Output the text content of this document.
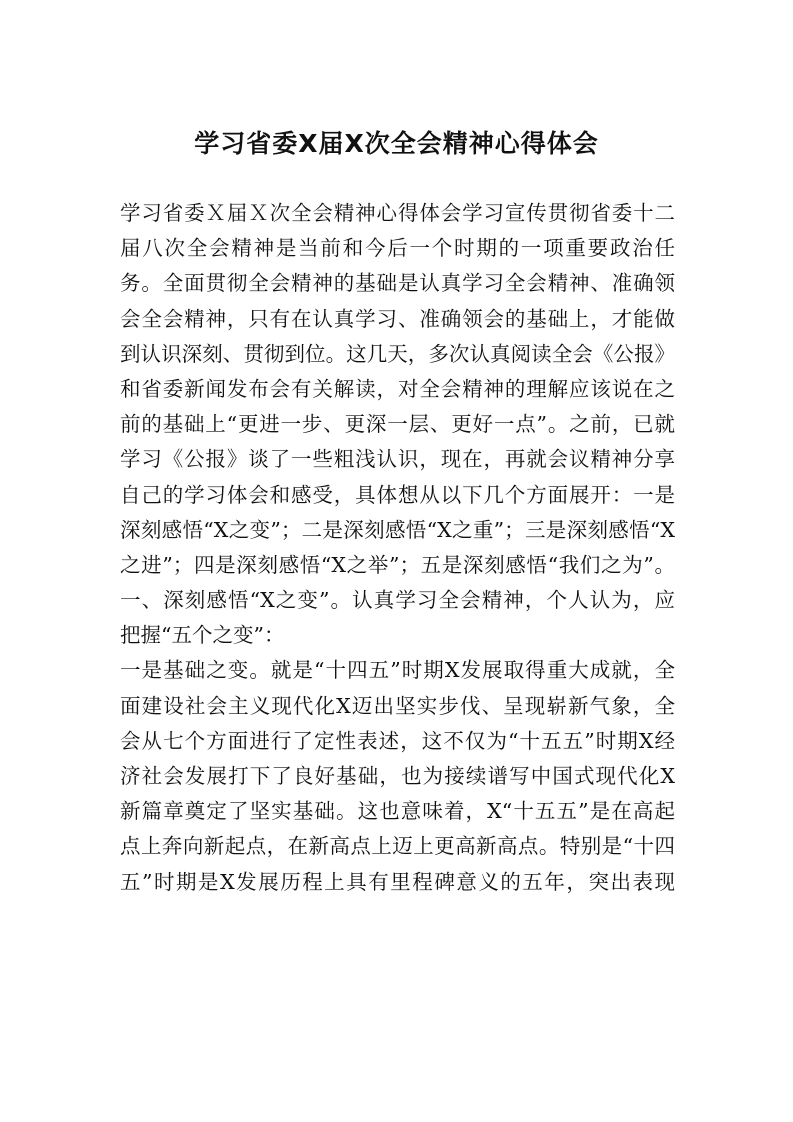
学习省委X届X次全会精神心得体会
学习省委Ｘ届Ｘ次全会精神心得体会学习宣传贯彻省委十二
届八次全会精神是当前和今后一个时期的一项重要政治任
务。全面贯彻全会精神的基础是认真学习全会精神、准确领
会全会精神，只有在认真学习、准确领会的基础上，才能做
到认识深刻、贯彻到位。这几天，多次认真阅读全会《公报》
和省委新闻发布会有关解读，对全会精神的理解应该说在之
前的基础上“更进一步、更深一层、更好一点”。之前，已就
学习《公报》谈了一些粗浅认识，现在，再就会议精神分享
自己的学习体会和感受，具体想从以下几个方面展开：一是
深刻感悟“X之变”；二是深刻感悟“X之重”；三是深刻感悟“X
之进”；四是深刻感悟“X之举”；五是深刻感悟“我们之为”。
一、深刻感悟“X之变”。认真学习全会精神，个人认为，应
把握“五个之变”：
一是基础之变。就是“十四五”时期X发展取得重大成就，全
面建设社会主义现代化X迈出坚实步伐、呈现崭新气象，全
会从七个方面进行了定性表述，这不仅为“十五五”时期X经
济社会发展打下了良好基础，也为接续谱写中国式现代化X
新篇章奠定了坚实基础。这也意味着，X“十五五”是在高起
点上奔向新起点，在新高点上迈上更高新高点。特别是“十四
五”时期是X发展历程上具有里程碑意义的五年，突出表现
